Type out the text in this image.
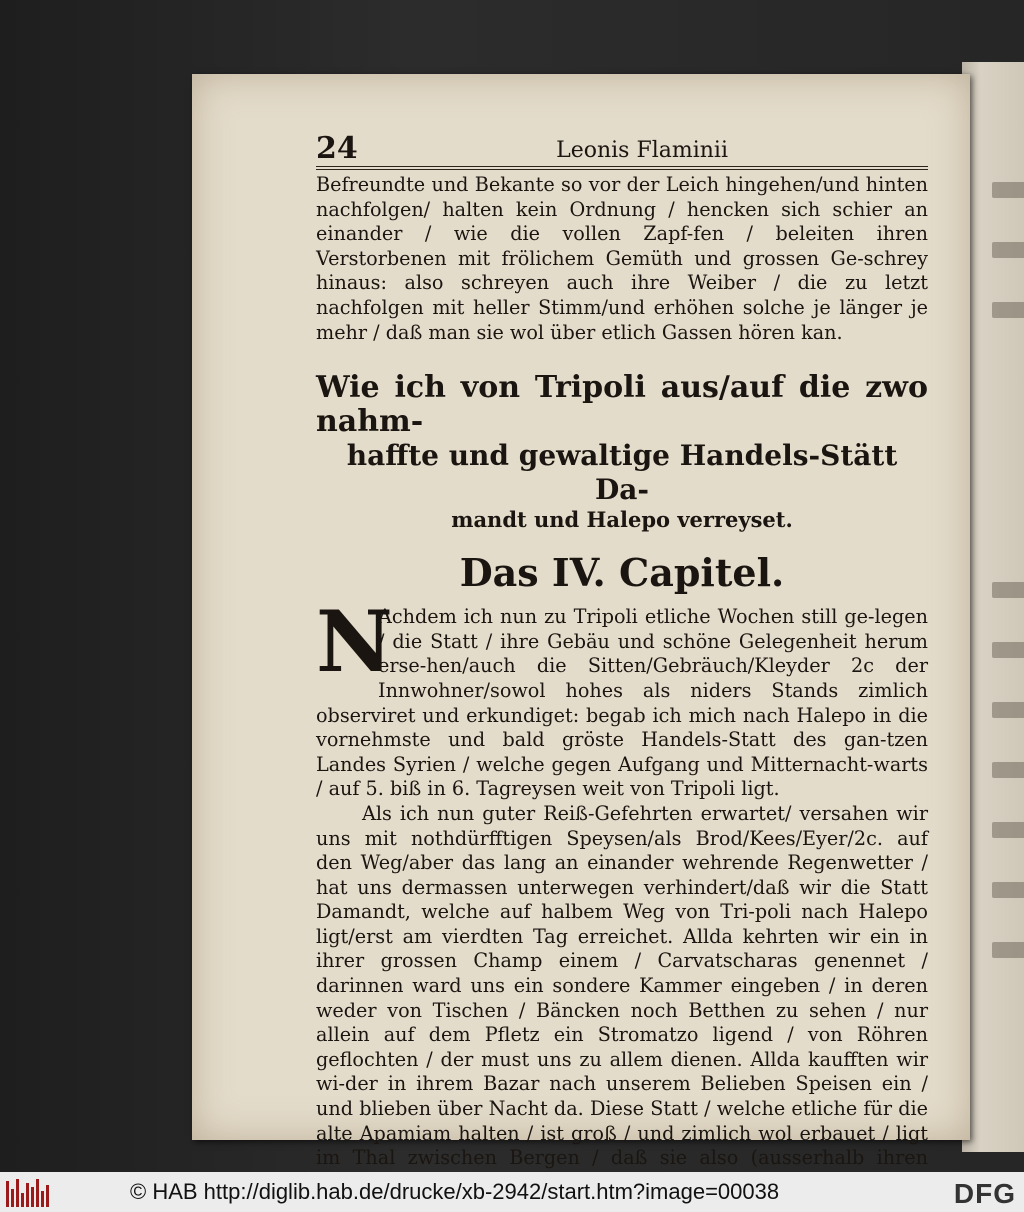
24	Leonis Flaminii

Befreundte und Bekante so vor der Leich hingehen/und hinten nachfolgen/ halten kein Ordnung / hencken sich schier an einander / wie die vollen Zapf-fen / beleiten ihren Verstorbenen mit frölichem Gemüth und grossen Ge-schrey hinaus: also schreyen auch ihre Weiber / die zu letzt nachfolgen mit heller Stimm/und erhöhen solche je länger je mehr / daß man sie wol über etlich Gassen hören kan.

Wie ich von Tripoli aus/auf die zwo nahm-
haffte und gewaltige Handels-Stätt Da-
mandt und Halepo verreyset.
Das IV. Capitel.
N

Achdem ich nun zu Tripoli etliche Wochen still ge-legen / die Statt / ihre Gebäu und schöne Gelegenheit herum erse-hen/auch die Sitten/Gebräuch/Kleyder 2c der Innwohner/sowol hohes als niders Stands zimlich observiret und erkundiget: begab ich mich nach Halepo in die vornehmste und bald gröste Handels-Statt des gan-tzen Landes Syrien / welche gegen Aufgang und Mitternacht-warts / auf 5. biß in 6. Tagreysen weit von Tripoli ligt.

Als ich nun guter Reiß-Gefehrten erwartet/ versahen wir uns mit nothdürfftigen Speysen/als Brod/Kees/Eyer/2c. auf den Weg/aber das lang an einander wehrende Regenwetter / hat uns dermassen unterwegen verhindert/daß wir die Statt Damandt, welche auf halbem Weg von Tri-poli nach Halepo ligt/erst am vierdten Tag erreichet. Allda kehrten wir ein in ihrer grossen Champ einem / Carvatscharas genennet / darinnen ward uns ein sondere Kammer eingeben / in deren weder von Tischen / Bäncken noch Betthen zu sehen / nur allein auf dem Pfletz ein Stromatzo ligend / von Röhren geflochten / der must uns zu allem dienen. Allda kaufften wir wi-der in ihrem Bazar nach unserem Belieben Speisen ein / und blieben über Nacht da. Diese Statt / welche etliche für die alte Apamiam halten / ist groß / und zimlich wol erbauet / ligt im Thal zwischen Bergen / daß sie also (ausserhalb ihren

© HAB http://diglib.hab.de/drucke/xb-2942/start.htm?image=00038	DFG
